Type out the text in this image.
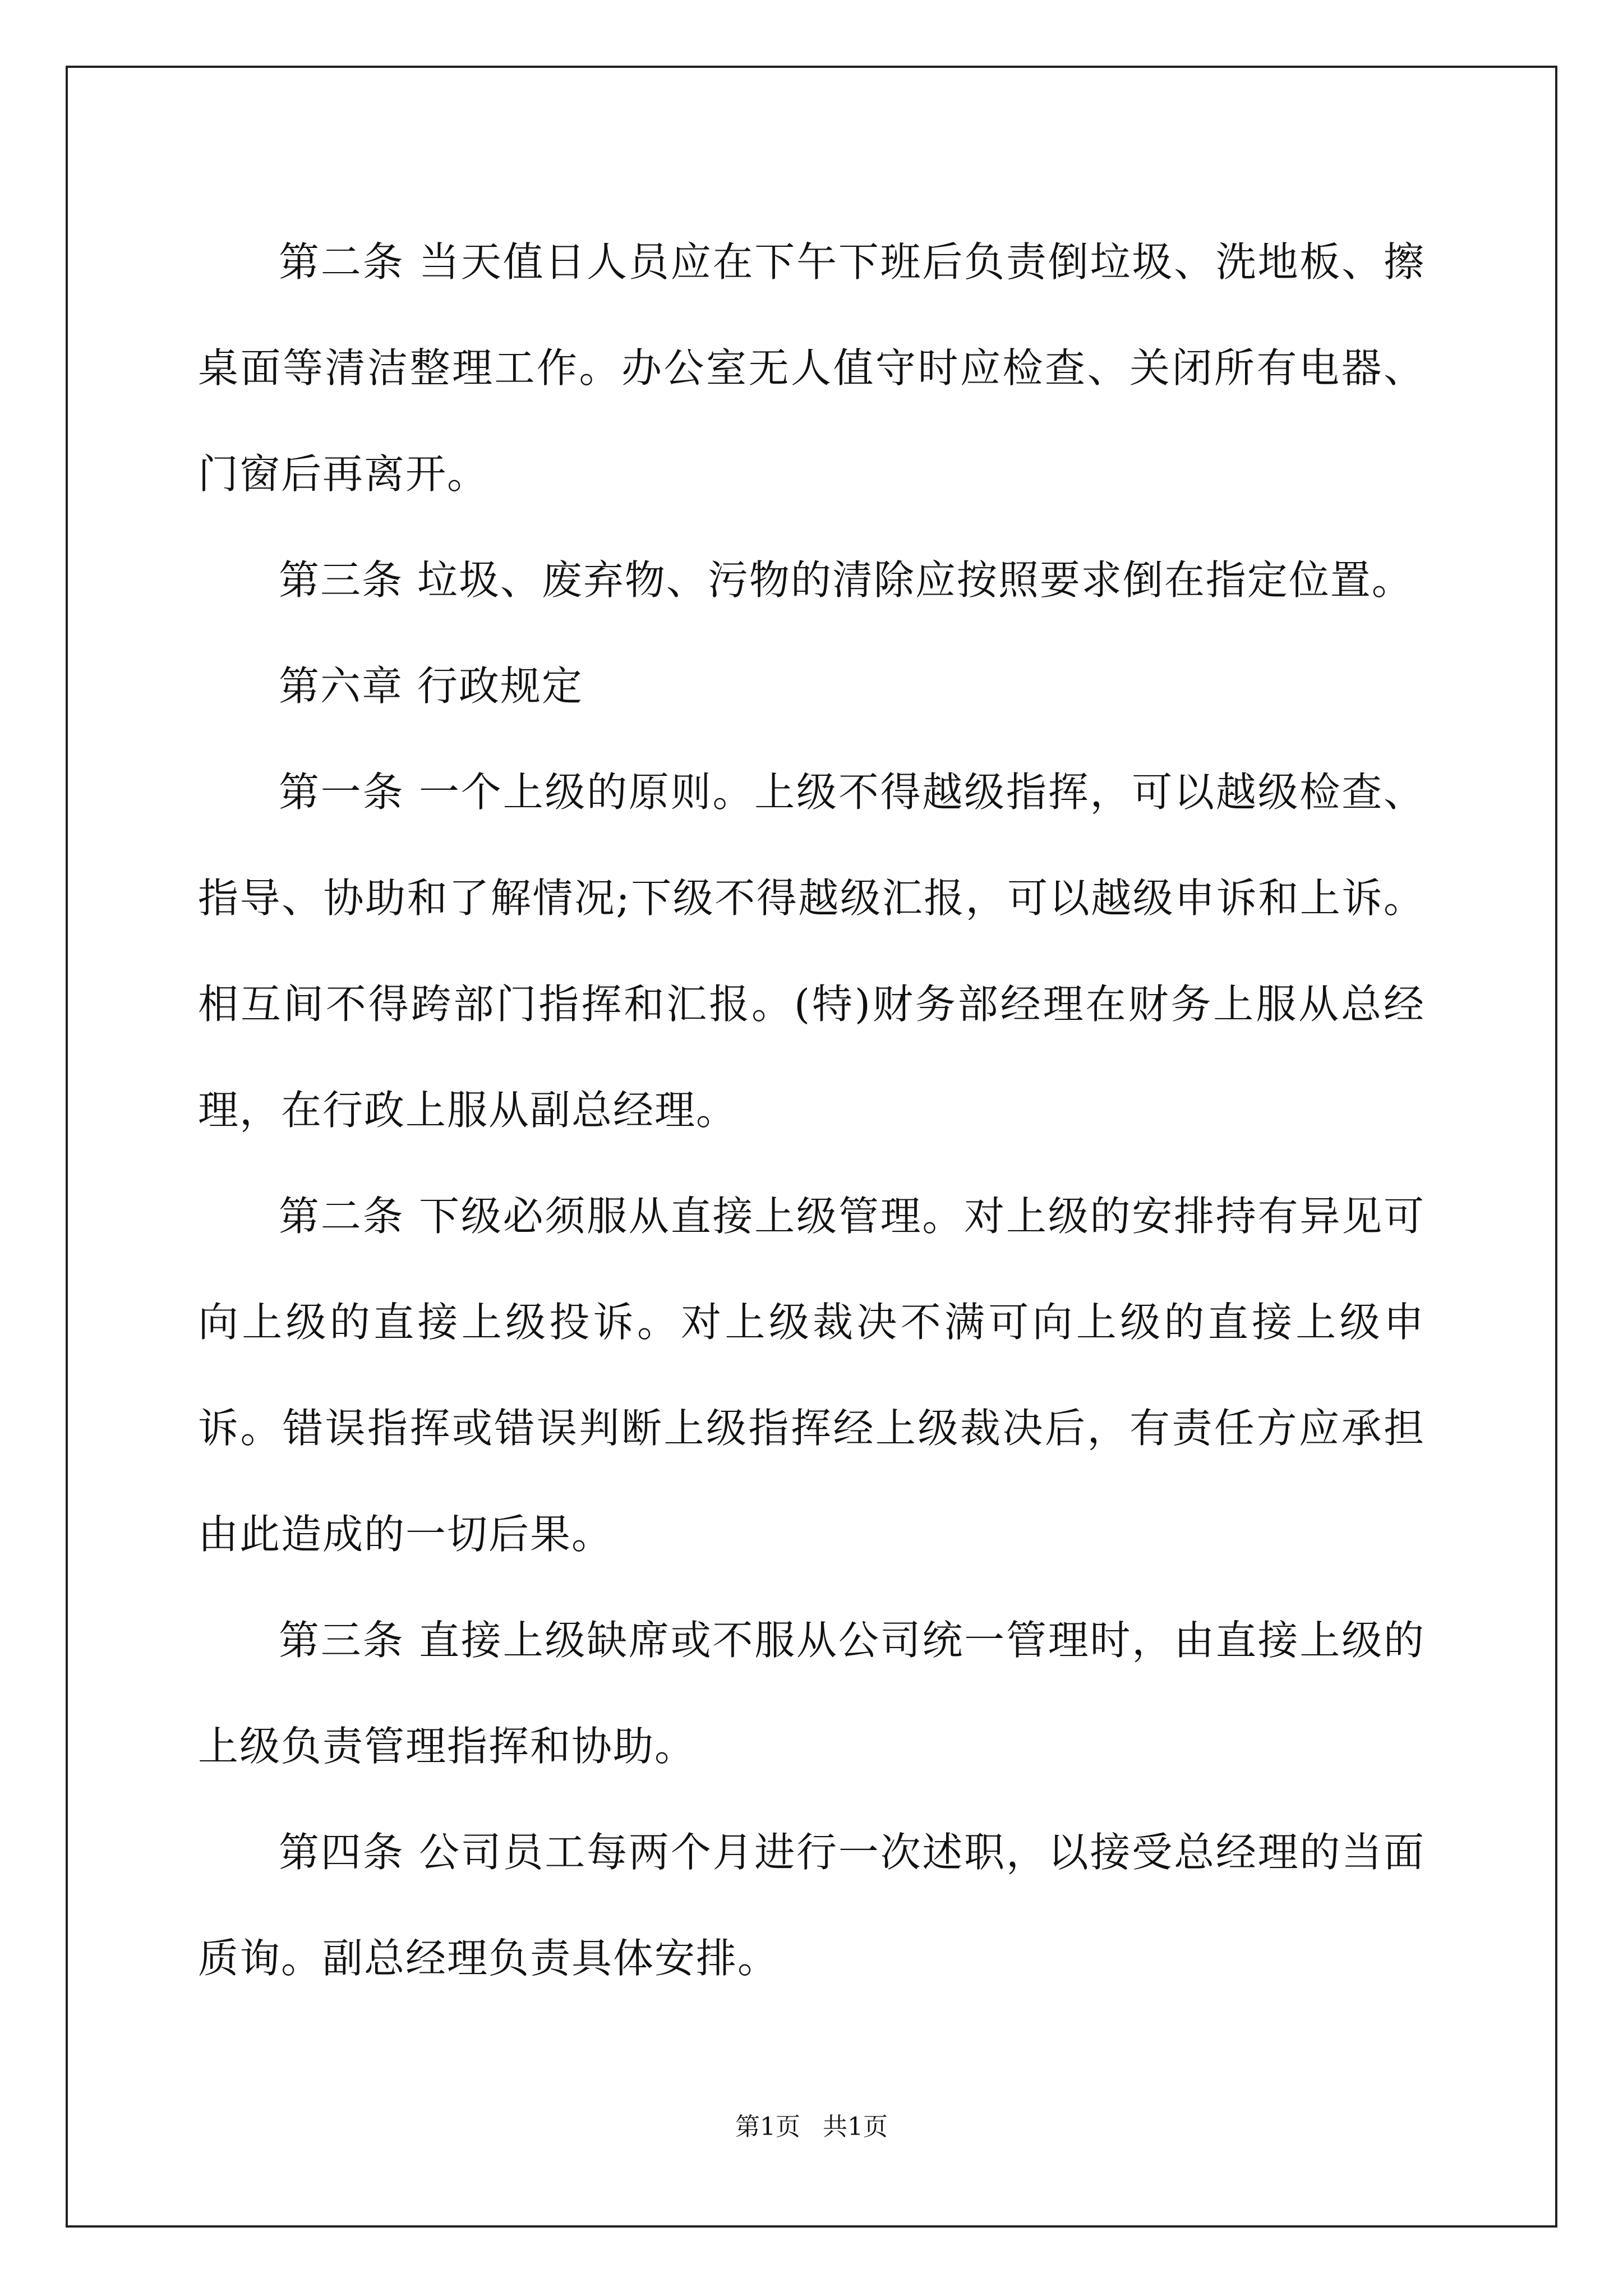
第二条 当天值日人员应在下午下班后负责倒垃圾、洗地板、擦桌面等清洁整理工作。办公室无人值守时应检查、关闭所有电器、门窗后再离开。

第三条 垃圾、废弃物、污物的清除应按照要求倒在指定位置。

第六章 行政规定

第一条 一个上级的原则。上级不得越级指挥，可以越级检查、指导、协助和了解情况;下级不得越级汇报，可以越级申诉和上诉。相互间不得跨部门指挥和汇报。(特)财务部经理在财务上服从总经理，在行政上服从副总经理。

第二条 下级必须服从直接上级管理。对上级的安排持有异见可向上级的直接上级投诉。对上级裁决不满可向上级的直接上级申诉。错误指挥或错误判断上级指挥经上级裁决后，有责任方应承担由此造成的一切后果。

第三条 直接上级缺席或不服从公司统一管理时，由直接上级的上级负责管理指挥和协助。

第四条 公司员工每两个月进行一次述职，以接受总经理的当面质询。副总经理负责具体安排。

第1页 共1页
